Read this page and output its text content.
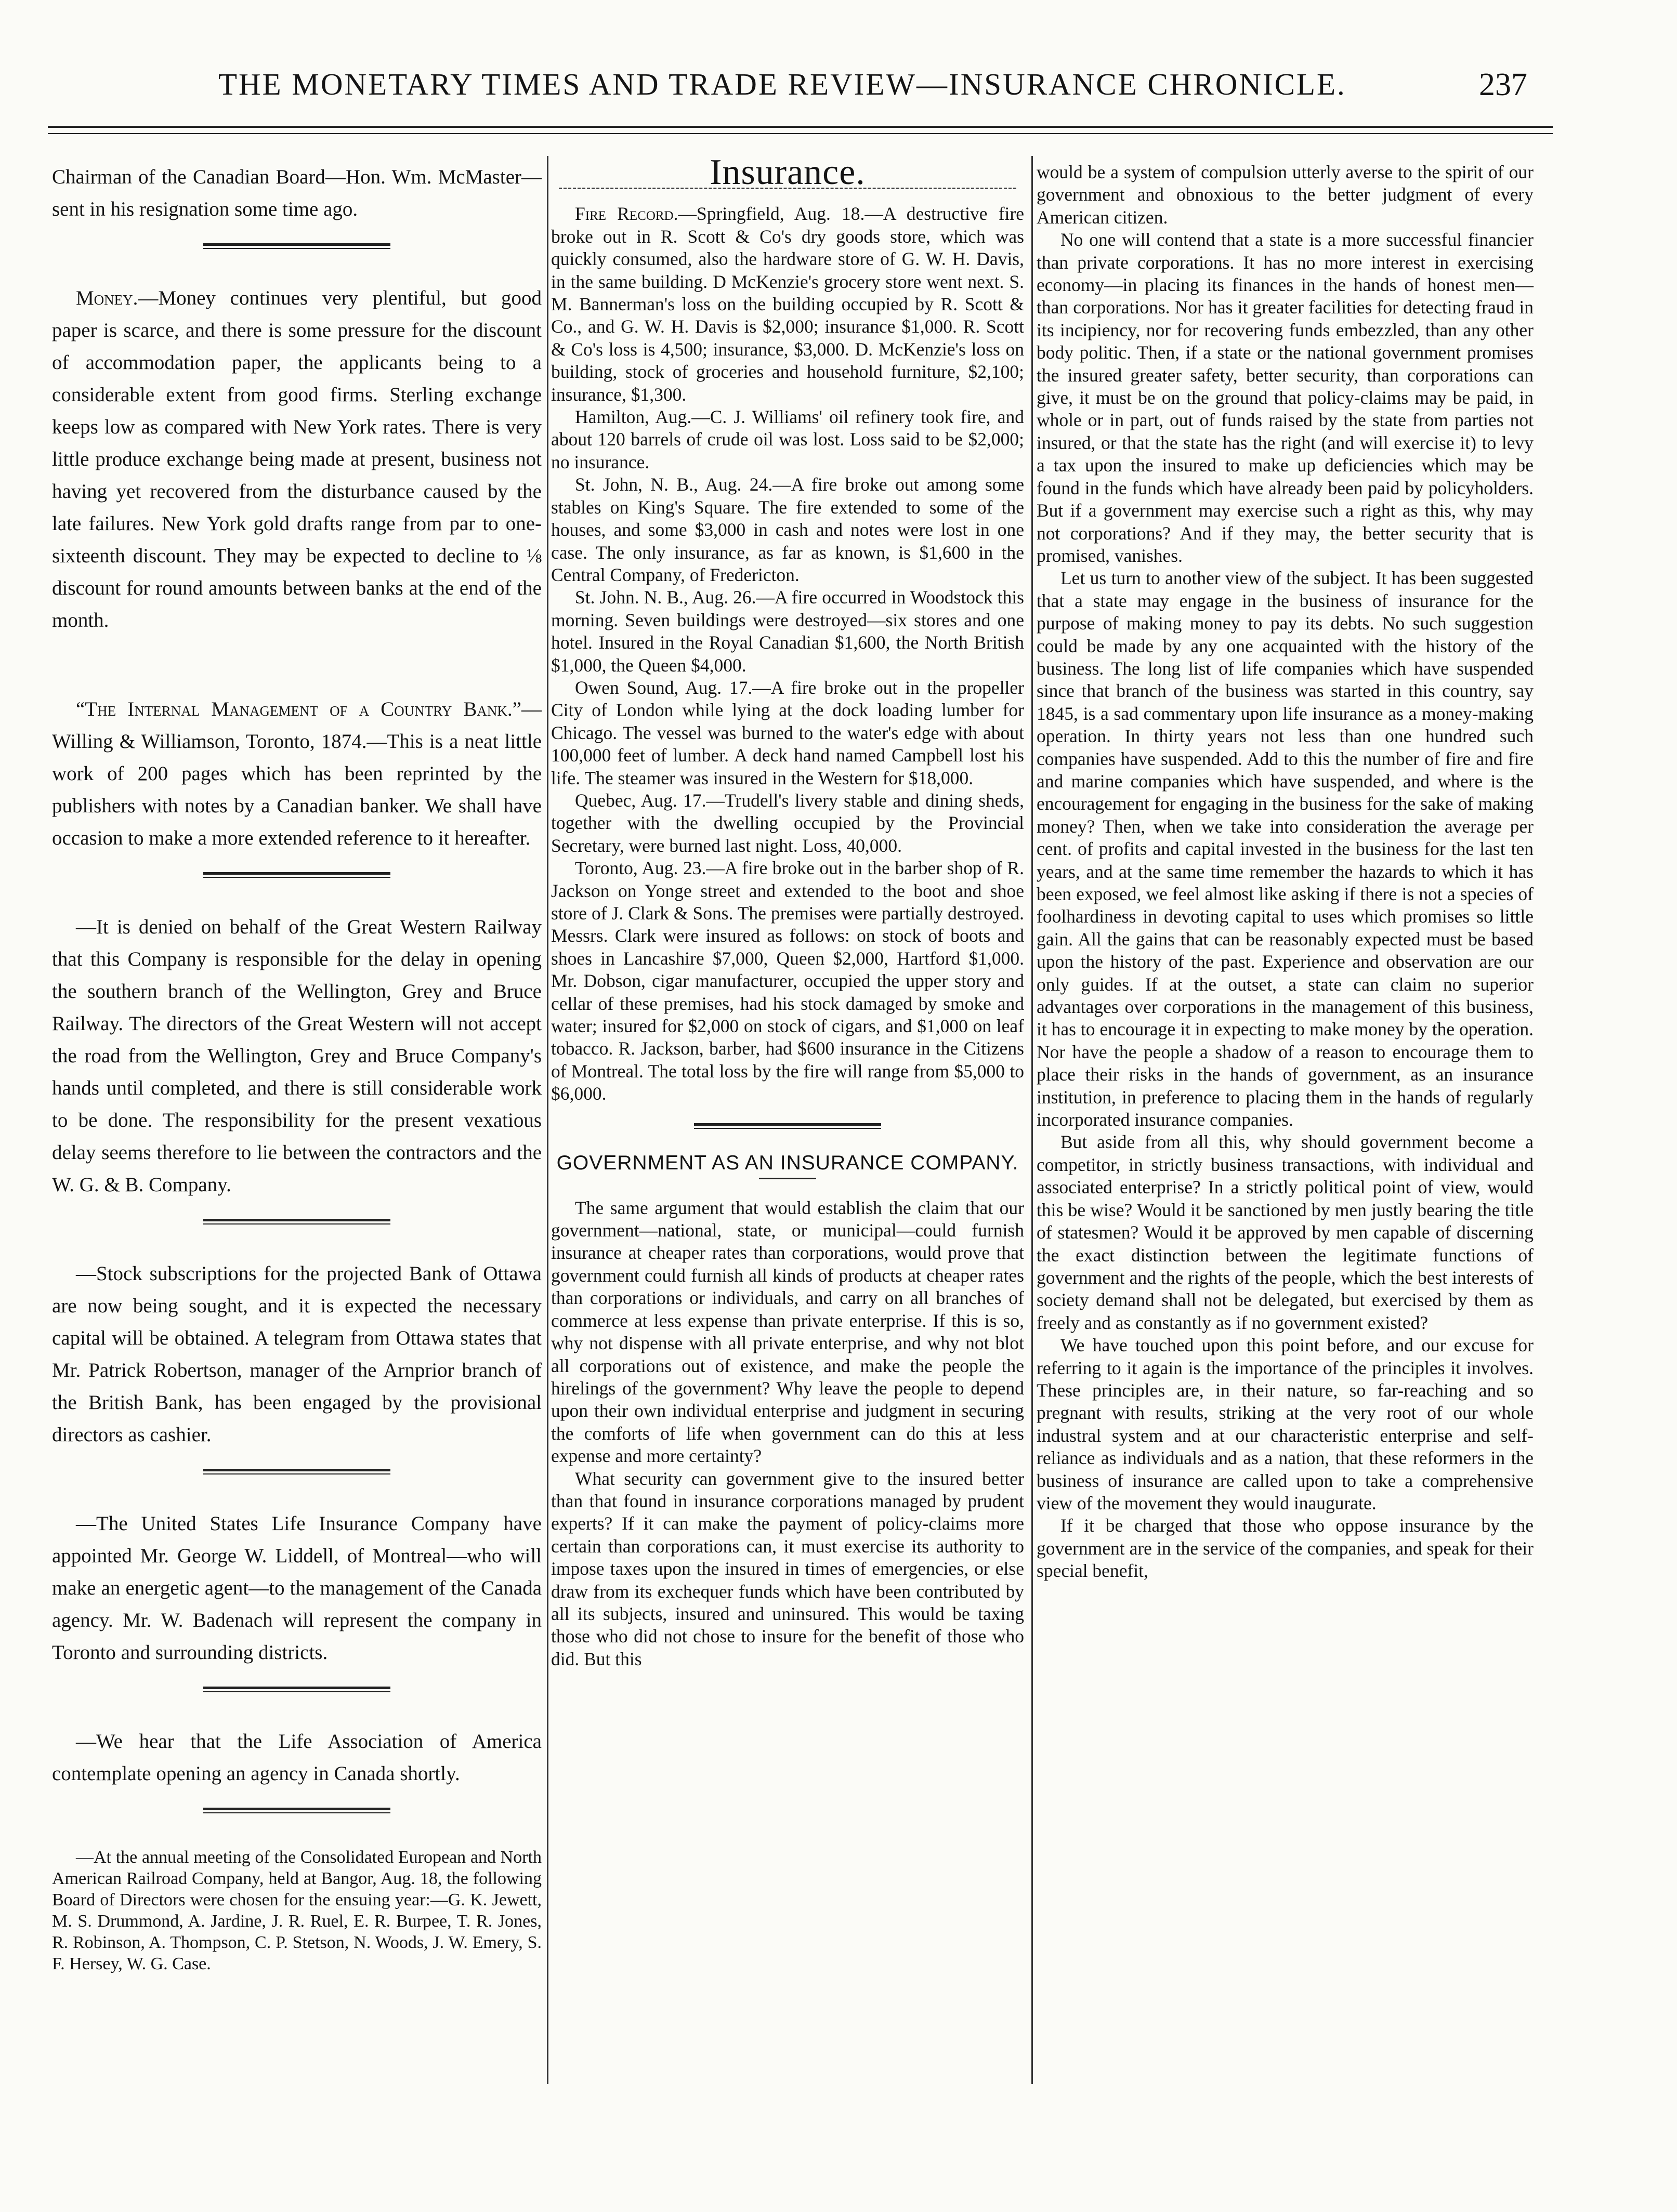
THE MONETARY TIMES AND TRADE REVIEW—INSURANCE CHRONICLE.	237

Chairman of the Canadian Board—Hon. Wm. McMaster—sent in his resignation some time ago.

Money.—Money continues very plentiful, but good paper is scarce, and there is some pressure for the discount of accommodation paper, the applicants being to a considerable extent from good firms. Sterling exchange keeps low as compared with New York rates. There is very little produce exchange being made at present, business not having yet recovered from the disturbance caused by the late failures. New York gold drafts range from par to one-sixteenth discount. They may be expected to decline to ⅛ discount for round amounts between banks at the end of the month.

“The Internal Management of a Country Bank.”—Willing & Williamson, Toronto, 1874.—This is a neat little work of 200 pages which has been reprinted by the publishers with notes by a Canadian banker. We shall have occasion to make a more extended reference to it hereafter.

—It is denied on behalf of the Great Western Railway that this Company is responsible for the delay in opening the southern branch of the Wellington, Grey and Bruce Railway. The directors of the Great Western will not accept the road from the Wellington, Grey and Bruce Company's hands until completed, and there is still considerable work to be done. The responsibility for the present vexatious delay seems therefore to lie between the contractors and the W. G. & B. Company.

—Stock subscriptions for the projected Bank of Ottawa are now being sought, and it is expected the necessary capital will be obtained. A telegram from Ottawa states that Mr. Patrick Robertson, manager of the Arnprior branch of the British Bank, has been engaged by the provisional directors as cashier.

—The United States Life Insurance Company have appointed Mr. George W. Liddell, of Montreal—who will make an energetic agent—to the management of the Canada agency. Mr. W. Badenach will represent the company in Toronto and surrounding districts.

—We hear that the Life Association of America contemplate opening an agency in Canada shortly.

—At the annual meeting of the Consolidated European and North American Railroad Company, held at Bangor, Aug. 18, the following Board of Directors were chosen for the ensuing year:—G. K. Jewett, M. S. Drummond, A. Jardine, J. R. Ruel, E. R. Burpee, T. R. Jones, R. Robinson, A. Thompson, C. P. Stetson, N. Woods, J. W. Emery, S. F. Hersey, W. G. Case.

Insurance.

Fire Record.—Springfield, Aug. 18.—A destructive fire broke out in R. Scott & Co's dry goods store, which was quickly consumed, also the hardware store of G. W. H. Davis, in the same building. D McKenzie's grocery store went next. S. M. Bannerman's loss on the building occupied by R. Scott & Co., and G. W. H. Davis is $2,000; insurance $1,000. R. Scott & Co's loss is 4,500; insurance, $3,000. D. McKenzie's loss on building, stock of groceries and household furniture, $2,100; insurance, $1,300.

Hamilton, Aug.—C. J. Williams' oil refinery took fire, and about 120 barrels of crude oil was lost. Loss said to be $2,000; no insurance.

St. John, N. B., Aug. 24.—A fire broke out among some stables on King's Square. The fire extended to some of the houses, and some $3,000 in cash and notes were lost in one case. The only insurance, as far as known, is $1,600 in the Central Company, of Fredericton.

St. John. N. B., Aug. 26.—A fire occurred in Woodstock this morning. Seven buildings were destroyed—six stores and one hotel. Insured in the Royal Canadian $1,600, the North British $1,000, the Queen $4,000.

Owen Sound, Aug. 17.—A fire broke out in the propeller City of London while lying at the dock loading lumber for Chicago. The vessel was burned to the water's edge with about 100,000 feet of lumber. A deck hand named Campbell lost his life. The steamer was insured in the Western for $18,000.

Quebec, Aug. 17.—Trudell's livery stable and dining sheds, together with the dwelling occupied by the Provincial Secretary, were burned last night. Loss, 40,000.

Toronto, Aug. 23.—A fire broke out in the barber shop of R. Jackson on Yonge street and extended to the boot and shoe store of J. Clark & Sons. The premises were partially destroyed. Messrs. Clark were insured as follows: on stock of boots and shoes in Lancashire $7,000, Queen $2,000, Hartford $1,000. Mr. Dobson, cigar manufacturer, occupied the upper story and cellar of these premises, had his stock damaged by smoke and water; insured for $2,000 on stock of cigars, and $1,000 on leaf tobacco. R. Jackson, barber, had $600 insurance in the Citizens of Montreal. The total loss by the fire will range from $5,000 to $6,000.

GOVERNMENT AS AN INSURANCE COMPANY.

The same argument that would establish the claim that our government—national, state, or municipal—could furnish insurance at cheaper rates than corporations, would prove that government could furnish all kinds of products at cheaper rates than corporations or individuals, and carry on all branches of commerce at less expense than private enterprise. If this is so, why not dispense with all private enterprise, and why not blot all corporations out of existence, and make the people the hirelings of the government? Why leave the people to depend upon their own individual enterprise and judgment in securing the comforts of life when government can do this at less expense and more certainty?

What security can government give to the insured better than that found in insurance corporations managed by prudent experts? If it can make the payment of policy-claims more certain than corporations can, it must exercise its authority to impose taxes upon the insured in times of emergencies, or else draw from its exchequer funds which have been contributed by all its subjects, insured and uninsured. This would be taxing those who did not chose to insure for the benefit of those who did. But this

would be a system of compulsion utterly averse to the spirit of our government and obnoxious to the better judgment of every American citizen.

No one will contend that a state is a more successful financier than private corporations. It has no more interest in exercising economy—in placing its finances in the hands of honest men—than corporations. Nor has it greater facilities for detecting fraud in its incipiency, nor for recovering funds embezzled, than any other body politic. Then, if a state or the national government promises the insured greater safety, better security, than corporations can give, it must be on the ground that policy-claims may be paid, in whole or in part, out of funds raised by the state from parties not insured, or that the state has the right (and will exercise it) to levy a tax upon the insured to make up deficiencies which may be found in the funds which have already been paid by policyholders. But if a government may exercise such a right as this, why may not corporations? And if they may, the better security that is promised, vanishes.

Let us turn to another view of the subject. It has been suggested that a state may engage in the business of insurance for the purpose of making money to pay its debts. No such suggestion could be made by any one acquainted with the history of the business. The long list of life companies which have suspended since that branch of the business was started in this country, say 1845, is a sad commentary upon life insurance as a money-making operation. In thirty years not less than one hundred such companies have suspended. Add to this the number of fire and fire and marine companies which have suspended, and where is the encouragement for engaging in the business for the sake of making money? Then, when we take into consideration the average per cent. of profits and capital invested in the business for the last ten years, and at the same time remember the hazards to which it has been exposed, we feel almost like asking if there is not a species of foolhardiness in devoting capital to uses which promises so little gain. All the gains that can be reasonably expected must be based upon the history of the past. Experience and observation are our only guides. If at the outset, a state can claim no superior advantages over corporations in the management of this business, it has to encourage it in expecting to make money by the operation. Nor have the people a shadow of a reason to encourage them to place their risks in the hands of government, as an insurance institution, in preference to placing them in the hands of regularly incorporated insurance companies.

But aside from all this, why should government become a competitor, in strictly business transactions, with individual and associated enterprise? In a strictly political point of view, would this be wise? Would it be sanctioned by men justly bearing the title of statesmen? Would it be approved by men capable of discerning the exact distinction between the legitimate functions of government and the rights of the people, which the best interests of society demand shall not be delegated, but exercised by them as freely and as constantly as if no government existed?

We have touched upon this point before, and our excuse for referring to it again is the importance of the principles it involves. These principles are, in their nature, so far-reaching and so pregnant with results, striking at the very root of our whole industral system and at our characteristic enterprise and self-reliance as individuals and as a nation, that these reformers in the business of insurance are called upon to take a comprehensive view of the movement they would inaugurate.

If it be charged that those who oppose insurance by the government are in the service of the companies, and speak for their special benefit,
